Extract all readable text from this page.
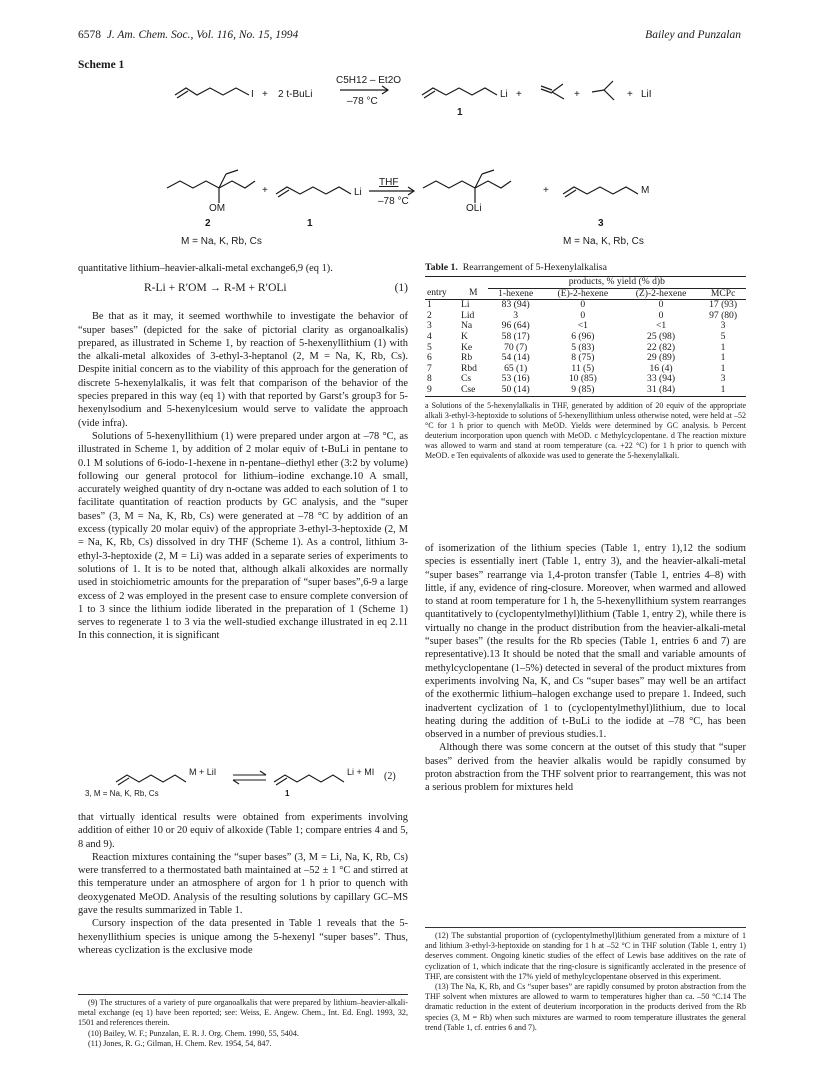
6578 J. Am. Chem. Soc., Vol. 116, No. 15, 1994	Bailey and Punzalan
Scheme 1
I + 2 t-BuLi
C5H12 – Et2O
–78 °C
Li +	+	+ LiI
1
OM
+	Li
THF
–78 °C
OLi
+	M
2	1	3
M = Na, K, Rb, Cs	M = Na, K, Rb, Cs

quantitative lithium–heavier-alkali-metal exchange6,9 (eq 1).

R-Li + R′OM → R-M + R′OLi	(1)

Be that as it may, it seemed worthwhile to investigate the behavior of “super bases” (depicted for the sake of pictorial clarity as organoalkalis) prepared, as illustrated in Scheme 1, by reaction of 5-hexenyllithium (1) with the alkali-metal alkoxides of 3-ethyl-3-heptanol (2, M = Na, K, Rb, Cs). Despite initial concern as to the viability of this approach for the generation of discrete 5-hexenylalkalis, it was felt that comparison of the behavior of the species prepared in this way (eq 1) with that reported by Garst’s group3 for 5-hexenylsodium and 5-hexenylcesium would serve to validate the approach (vide infra).

Solutions of 5-hexenyllithium (1) were prepared under argon at –78 °C, as illustrated in Scheme 1, by addition of 2 molar equiv of t-BuLi in pentane to 0.1 M solutions of 6-iodo-1-hexene in n-pentane–diethyl ether (3:2 by volume) following our general protocol for lithium–iodine exchange.10 A small, accurately weighed quantity of dry n-octane was added to each solution of 1 to facilitate quantitation of reaction products by GC analysis, and the “super bases” (3, M = Na, K, Rb, Cs) were generated at –78 °C by addition of an excess (typically 20 molar equiv) of the appropriate 3-ethyl-3-heptoxide (2, M = Na, K, Rb, Cs) dissolved in dry THF (Scheme 1). As a control, lithium 3-ethyl-3-heptoxide (2, M = Li) was added in a separate series of experiments to solutions of 1. It is to be noted that, although alkali alkoxides are normally used in stoichiometric amounts for the preparation of “super bases”,6-9 a large excess of 2 was employed in the present case to ensure complete conversion of 1 to 3 since the lithium iodide liberated in the preparation of 1 (Scheme 1) serves to regenerate 1 to 3 via the well-studied exchange illustrated in eq 2.11 In this connection, it is significant

M + LiI	Li + MI (2)
3, M = Na, K, Rb, Cs	1

that virtually identical results were obtained from experiments involving addition of either 10 or 20 equiv of alkoxide (Table 1; compare entries 4 and 5, 8 and 9).

Reaction mixtures containing the “super bases” (3, M = Li, Na, K, Rb, Cs) were transferred to a thermostated bath maintained at –52 ± 1 °C and stirred at this temperature under an atmosphere of argon for 1 h prior to quench with deoxygenated MeOD. Analysis of the resulting solutions by capillary GC–MS gave the results summarized in Table 1.

Cursory inspection of the data presented in Table 1 reveals that the 5-hexenyllithium species is unique among the 5-hexenyl “super bases”. Thus, whereas cyclization is the exclusive mode

(9) The structures of a variety of pure organoalkalis that were prepared by lithium–heavier-alkali-metal exchange (eq 1) have been reported; see: Weiss, E. Angew. Chem., Int. Ed. Engl. 1993, 32, 1501 and references therein.

(10) Bailey, W. F.; Punzalan, E. R. J. Org. Chem. 1990, 55, 5404.

(11) Jones, R. G.; Gilman, H. Chem. Rev. 1954, 54, 847.

Table 1. Rearrangement of 5-Hexenylalkalisa
		products, % yield (% d)b			
entry	M	1-hexene	(E)-2-hexene	(Z)-2-hexene	MCPc
1	Li	83 (94)	0	0	17 (93)
2	Lid	3	0	0	97 (80)
3	Na	96 (64)	<1	<1	3
4	K	58 (17)	6 (96)	25 (98)	5
5	Ke	70 (7)	5 (83)	22 (82)	1
6	Rb	54 (14)	8 (75)	29 (89)	1
7	Rbd	65 (1)	11 (5)	16 (4)	1
8	Cs	53 (16)	10 (85)	33 (94)	3
9	Cse	50 (14)	9 (85)	31 (84)	1
a Solutions of the 5-hexenylalkalis in THF, generated by addition of 20 equiv of the appropriate alkali 3-ethyl-3-heptoxide to solutions of 5-hexenyllithium unless otherwise noted, were held at –52 °C for 1 h prior to quench with MeOD. Yields were determined by GC analysis. b Percent deuterium incorporation upon quench with MeOD. c Methylcyclopentane. d The reaction mixture was allowed to warm and stand at room temperature (ca. +22 °C) for 1 h prior to quench with MeOD. e Ten equivalents of alkoxide was used to generate the 5-hexenylalkali.

of isomerization of the lithium species (Table 1, entry 1),12 the sodium species is essentially inert (Table 1, entry 3), and the heavier-alkali-metal “super bases” rearrange via 1,4-proton transfer (Table 1, entries 4–8) with little, if any, evidence of ring-closure. Moreover, when warmed and allowed to stand at room temperature for 1 h, the 5-hexenyllithium system rearranges quantitatively to (cyclopentylmethyl)lithium (Table 1, entry 2), while there is virtually no change in the product distribution from the heavier-alkali-metal “super bases” (the results for the Rb species (Table 1, entries 6 and 7) are representative).13 It should be noted that the small and variable amounts of methylcyclopentane (1–5%) detected in several of the product mixtures from experiments involving Na, K, and Cs “super bases” may well be an artifact of the exothermic lithium–halogen exchange used to prepare 1. Indeed, such inadvertent cyclization of 1 to (cyclopentylmethyl)lithium, due to local heating during the addition of t-BuLi to the iodide at –78 °C, has been observed in a number of previous studies.1.

Although there was some concern at the outset of this study that “super bases” derived from the heavier alkalis would be rapidly consumed by proton abstraction from the THF solvent prior to rearrangement, this was not a serious problem for mixtures held

(12) The substantial proportion of (cyclopentylmethyl)lithium generated from a mixture of 1 and lithium 3-ethyl-3-heptoxide on standing for 1 h at –52 °C in THF solution (Table 1, entry 1) deserves comment. Ongoing kinetic studies of the effect of Lewis base additives on the rate of cyclization of 1, which indicate that the ring-closure is significantly acclerated in the presence of THF, are consistent with the 17% yield of methylcyclopentane observed in this experiment.

(13) The Na, K, Rb, and Cs “super bases” are rapidly consumed by proton abstraction from the THF solvent when mixtures are allowed to warm to temperatures higher than ca. –50 °C.14 The dramatic reduction in the extent of deuterium incorporation in the products derived from the Rb species (3, M = Rb) when such mixtures are warmed to room temperature illustrates the general trend (Table 1, cf. entries 6 and 7).
